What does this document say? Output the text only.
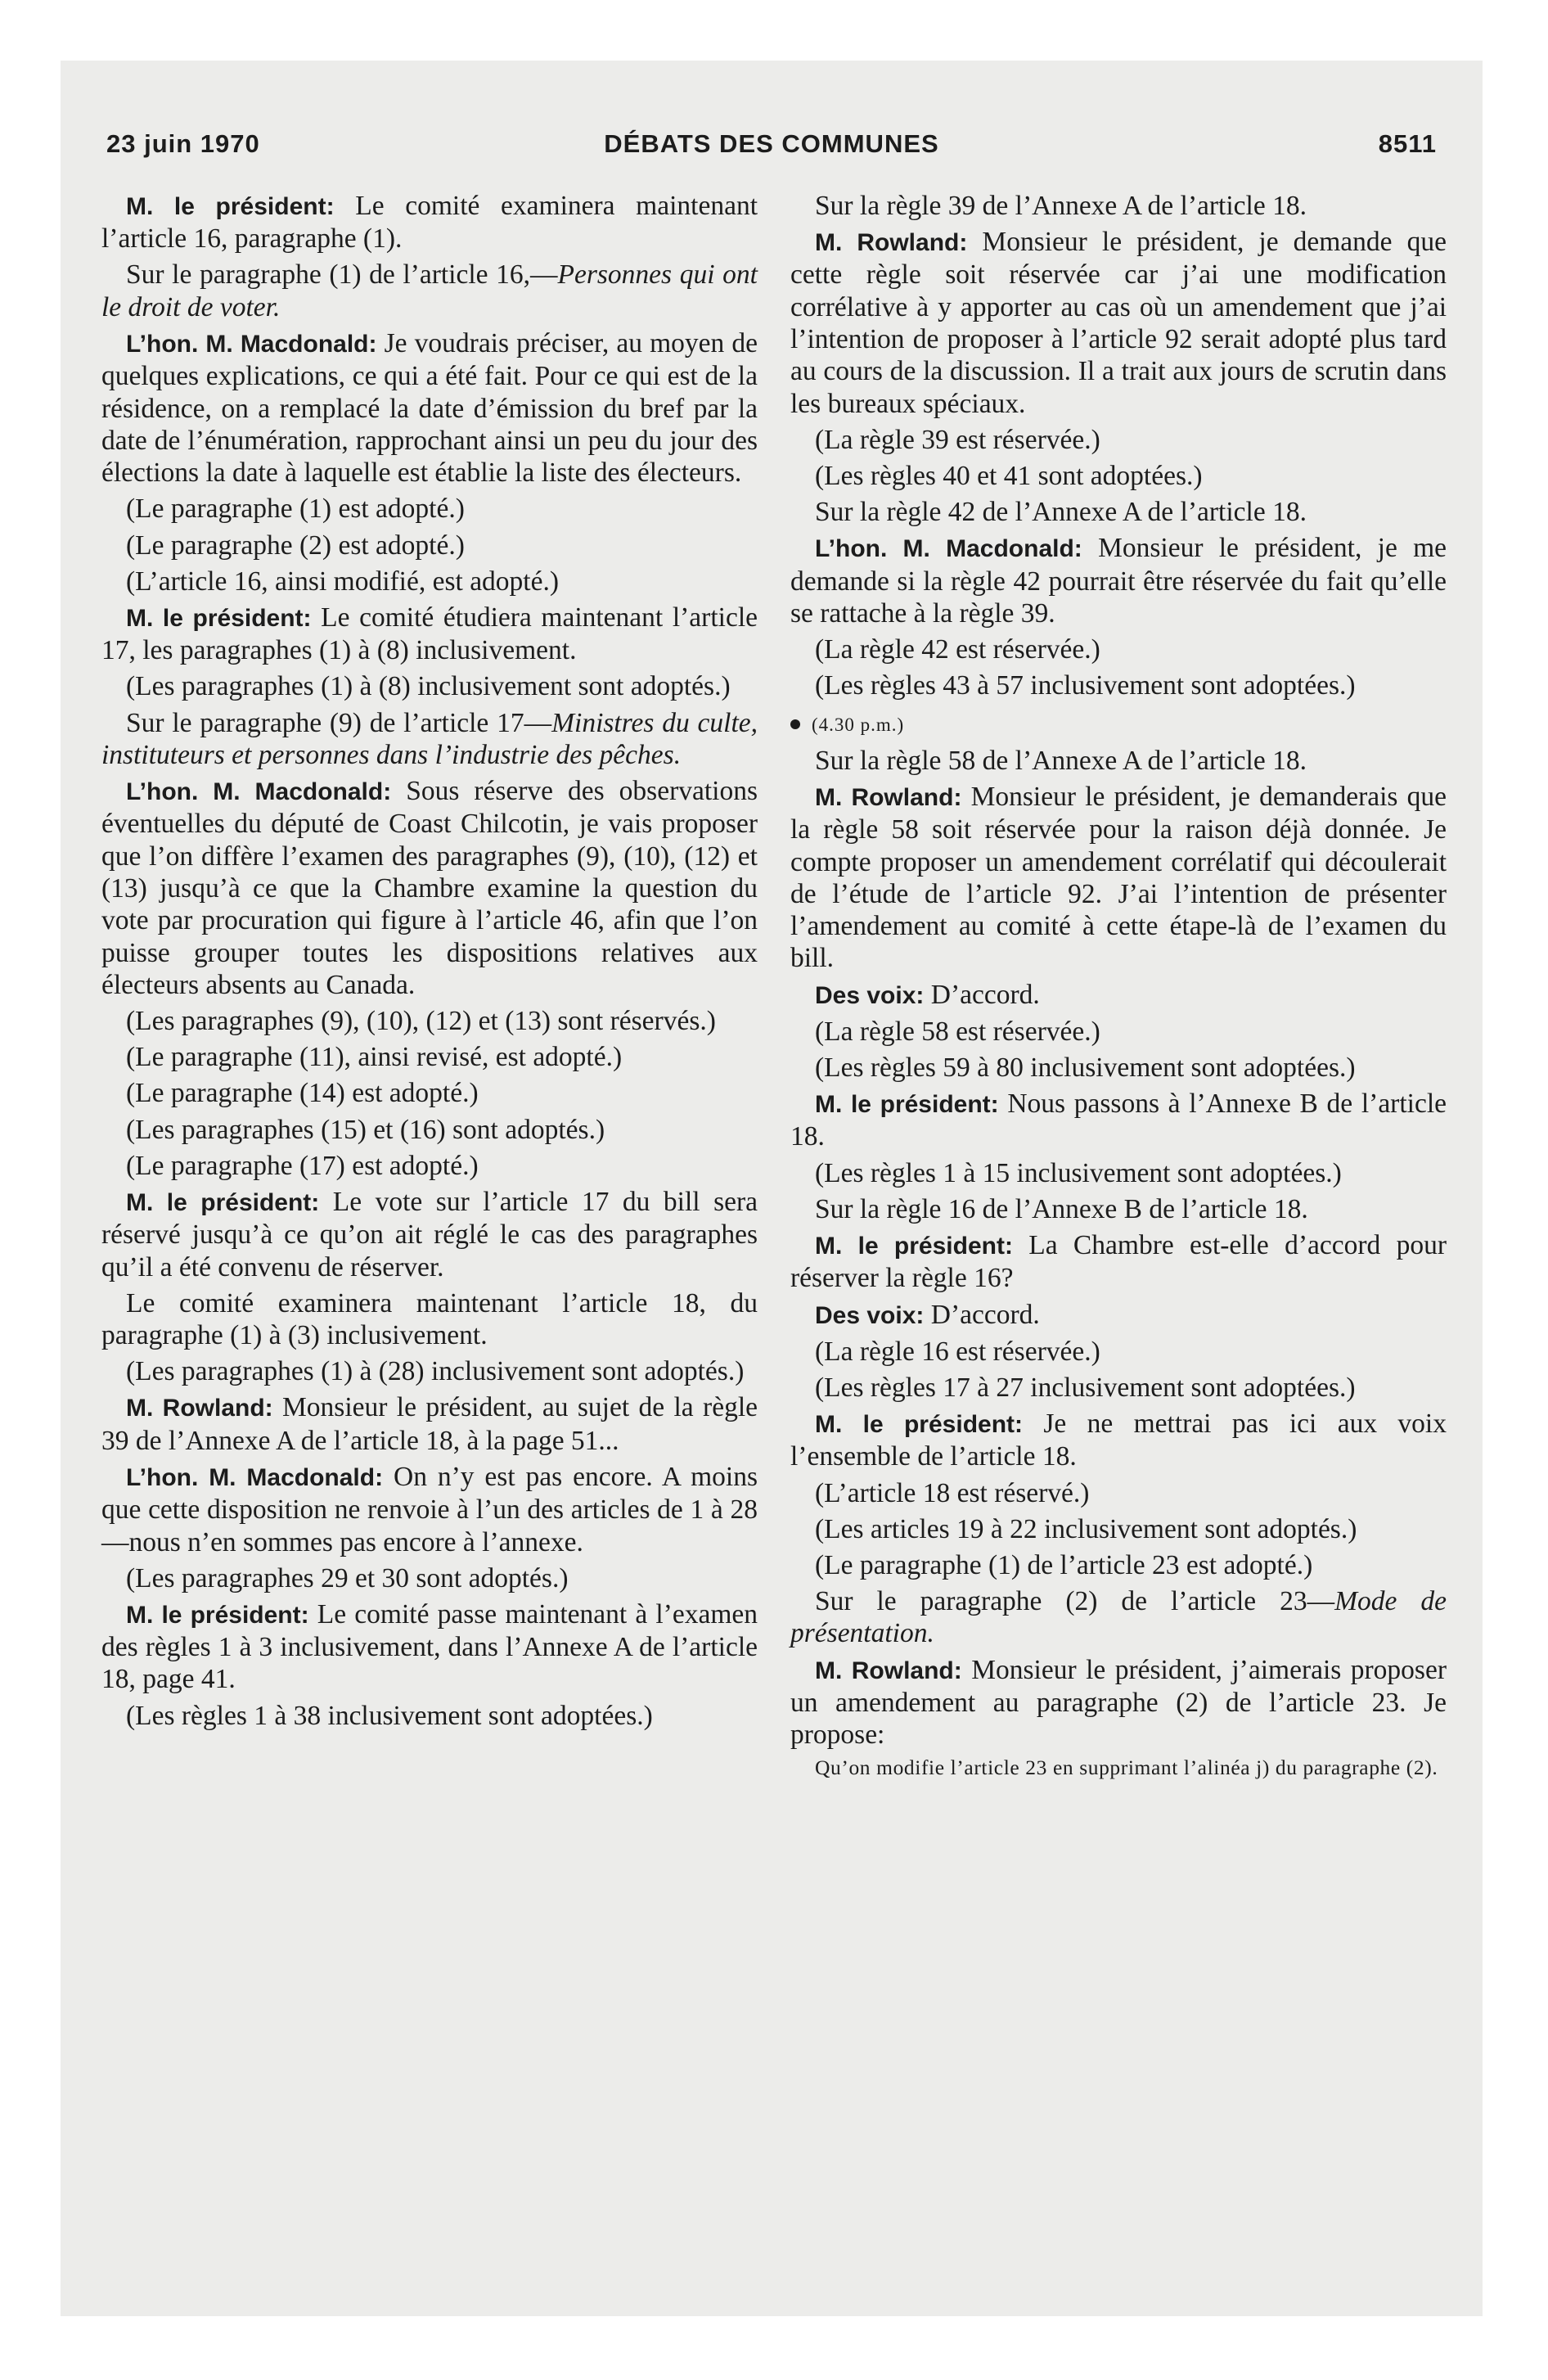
23 juin 1970	DÉBATS DES COMMUNES	8511

M. le président: Le comité examinera maintenant l’article 16, paragraphe (1).

Sur le paragraphe (1) de l’article 16,—Personnes qui ont le droit de voter.

L’hon. M. Macdonald: Je voudrais préciser, au moyen de quelques explications, ce qui a été fait. Pour ce qui est de la résidence, on a remplacé la date d’émission du bref par la date de l’énumération, rapprochant ainsi un peu du jour des élections la date à laquelle est établie la liste des électeurs.

(Le paragraphe (1) est adopté.)

(Le paragraphe (2) est adopté.)

(L’article 16, ainsi modifié, est adopté.)

M. le président: Le comité étudiera maintenant l’article 17, les paragraphes (1) à (8) inclusivement.

(Les paragraphes (1) à (8) inclusivement sont adoptés.)

Sur le paragraphe (9) de l’article 17—Ministres du culte, instituteurs et personnes dans l’industrie des pêches.

L’hon. M. Macdonald: Sous réserve des observations éventuelles du député de Coast Chilcotin, je vais proposer que l’on diffère l’examen des paragraphes (9), (10), (12) et (13) jusqu’à ce que la Chambre examine la question du vote par procuration qui figure à l’article 46, afin que l’on puisse grouper toutes les dispositions relatives aux électeurs absents au Canada.

(Les paragraphes (9), (10), (12) et (13) sont réservés.)

(Le paragraphe (11), ainsi revisé, est adopté.)

(Le paragraphe (14) est adopté.)

(Les paragraphes (15) et (16) sont adoptés.)

(Le paragraphe (17) est adopté.)

M. le président: Le vote sur l’article 17 du bill sera réservé jusqu’à ce qu’on ait réglé le cas des paragraphes qu’il a été convenu de réserver.

Le comité examinera maintenant l’article 18, du paragraphe (1) à (3) inclusivement.

(Les paragraphes (1) à (28) inclusivement sont adoptés.)

M. Rowland: Monsieur le président, au sujet de la règle 39 de l’Annexe A de l’article 18, à la page 51...

L’hon. M. Macdonald: On n’y est pas encore. A moins que cette disposition ne renvoie à l’un des articles de 1 à 28—nous n’en sommes pas encore à l’annexe.

(Les paragraphes 29 et 30 sont adoptés.)

M. le président: Le comité passe maintenant à l’examen des règles 1 à 3 inclusivement, dans l’Annexe A de l’article 18, page 41.

(Les règles 1 à 38 inclusivement sont adoptées.)

Sur la règle 39 de l’Annexe A de l’article 18.

M. Rowland: Monsieur le président, je demande que cette règle soit réservée car j’ai une modification corrélative à y apporter au cas où un amendement que j’ai l’intention de proposer à l’article 92 serait adopté plus tard au cours de la discussion. Il a trait aux jours de scrutin dans les bureaux spéciaux.

(La règle 39 est réservée.)

(Les règles 40 et 41 sont adoptées.)

Sur la règle 42 de l’Annexe A de l’article 18.

L’hon. M. Macdonald: Monsieur le président, je me demande si la règle 42 pourrait être réservée du fait qu’elle se rattache à la règle 39.

(La règle 42 est réservée.)

(Les règles 43 à 57 inclusivement sont adoptées.)

(4.30 p.m.)

Sur la règle 58 de l’Annexe A de l’article 18.

M. Rowland: Monsieur le président, je demanderais que la règle 58 soit réservée pour la raison déjà donnée. Je compte proposer un amendement corrélatif qui découlerait de l’étude de l’article 92. J’ai l’intention de présenter l’amendement au comité à cette étape-là de l’examen du bill.

Des voix: D’accord.

(La règle 58 est réservée.)

(Les règles 59 à 80 inclusivement sont adoptées.)

M. le président: Nous passons à l’Annexe B de l’article 18.

(Les règles 1 à 15 inclusivement sont adoptées.)

Sur la règle 16 de l’Annexe B de l’article 18.

M. le président: La Chambre est-elle d’accord pour réserver la règle 16?

Des voix: D’accord.

(La règle 16 est réservée.)

(Les règles 17 à 27 inclusivement sont adoptées.)

M. le président: Je ne mettrai pas ici aux voix l’ensemble de l’article 18.

(L’article 18 est réservé.)

(Les articles 19 à 22 inclusivement sont adoptés.)

(Le paragraphe (1) de l’article 23 est adopté.)

Sur le paragraphe (2) de l’article 23—Mode de présentation.

M. Rowland: Monsieur le président, j’aimerais proposer un amendement au paragraphe (2) de l’article 23. Je propose:

Qu’on modifie l’article 23 en supprimant l’alinéa j) du paragraphe (2).
